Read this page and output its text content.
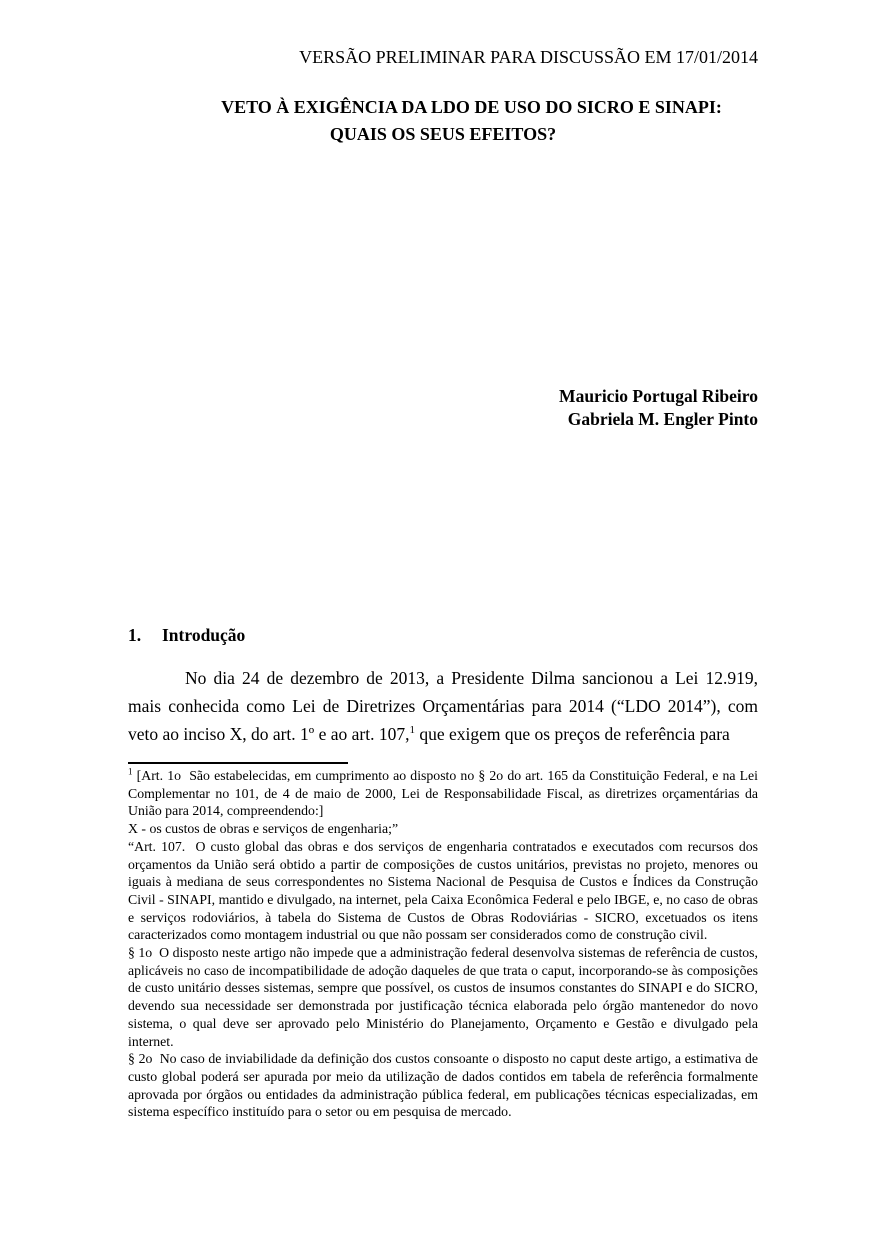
VERSÃO PRELIMINAR PARA DISCUSSÃO EM 17/01/2014
VETO À EXIGÊNCIA DA LDO DE USO DO SICRO E SINAPI:
QUAIS OS SEUS EFEITOS?
Mauricio Portugal Ribeiro
Gabriela M. Engler Pinto
1. Introdução
No dia 24 de dezembro de 2013, a Presidente Dilma sancionou a Lei 12.919, mais conhecida como Lei de Diretrizes Orçamentárias para 2014 (“LDO 2014”), com veto ao inciso X, do art. 1º e ao art. 107,$^1$ que exigem que os preços de referência para

$^1$ [Art. 1o  São estabelecidas, em cumprimento ao disposto no § 2o do art. 165 da Constituição Federal, e na Lei Complementar no 101, de 4 de maio de 2000, Lei de Responsabilidade Fiscal, as diretrizes orçamentárias da União para 2014, compreendendo:]

X - os custos de obras e serviços de engenharia;”

“Art. 107.  O custo global das obras e dos serviços de engenharia contratados e executados com recursos dos orçamentos da União será obtido a partir de composições de custos unitários, previstas no projeto, menores ou iguais à mediana de seus correspondentes no Sistema Nacional de Pesquisa de Custos e Índices da Construção Civil - SINAPI, mantido e divulgado, na internet, pela Caixa Econômica Federal e pelo IBGE, e, no caso de obras e serviços rodoviários, à tabela do Sistema de Custos de Obras Rodoviárias - SICRO, excetuados os itens caracterizados como montagem industrial ou que não possam ser considerados como de construção civil.

§ 1o  O disposto neste artigo não impede que a administração federal desenvolva sistemas de referência de custos, aplicáveis no caso de incompatibilidade de adoção daqueles de que trata o caput, incorporando-se às composições de custo unitário desses sistemas, sempre que possível, os custos de insumos constantes do SINAPI e do SICRO, devendo sua necessidade ser demonstrada por justificação técnica elaborada pelo órgão mantenedor do novo sistema, o qual deve ser aprovado pelo Ministério do Planejamento, Orçamento e Gestão e divulgado pela internet.

§ 2o  No caso de inviabilidade da definição dos custos consoante o disposto no caput deste artigo, a estimativa de custo global poderá ser apurada por meio da utilização de dados contidos em tabela de referência formalmente aprovada por órgãos ou entidades da administração pública federal, em publicações técnicas especializadas, em sistema específico instituído para o setor ou em pesquisa de mercado.
